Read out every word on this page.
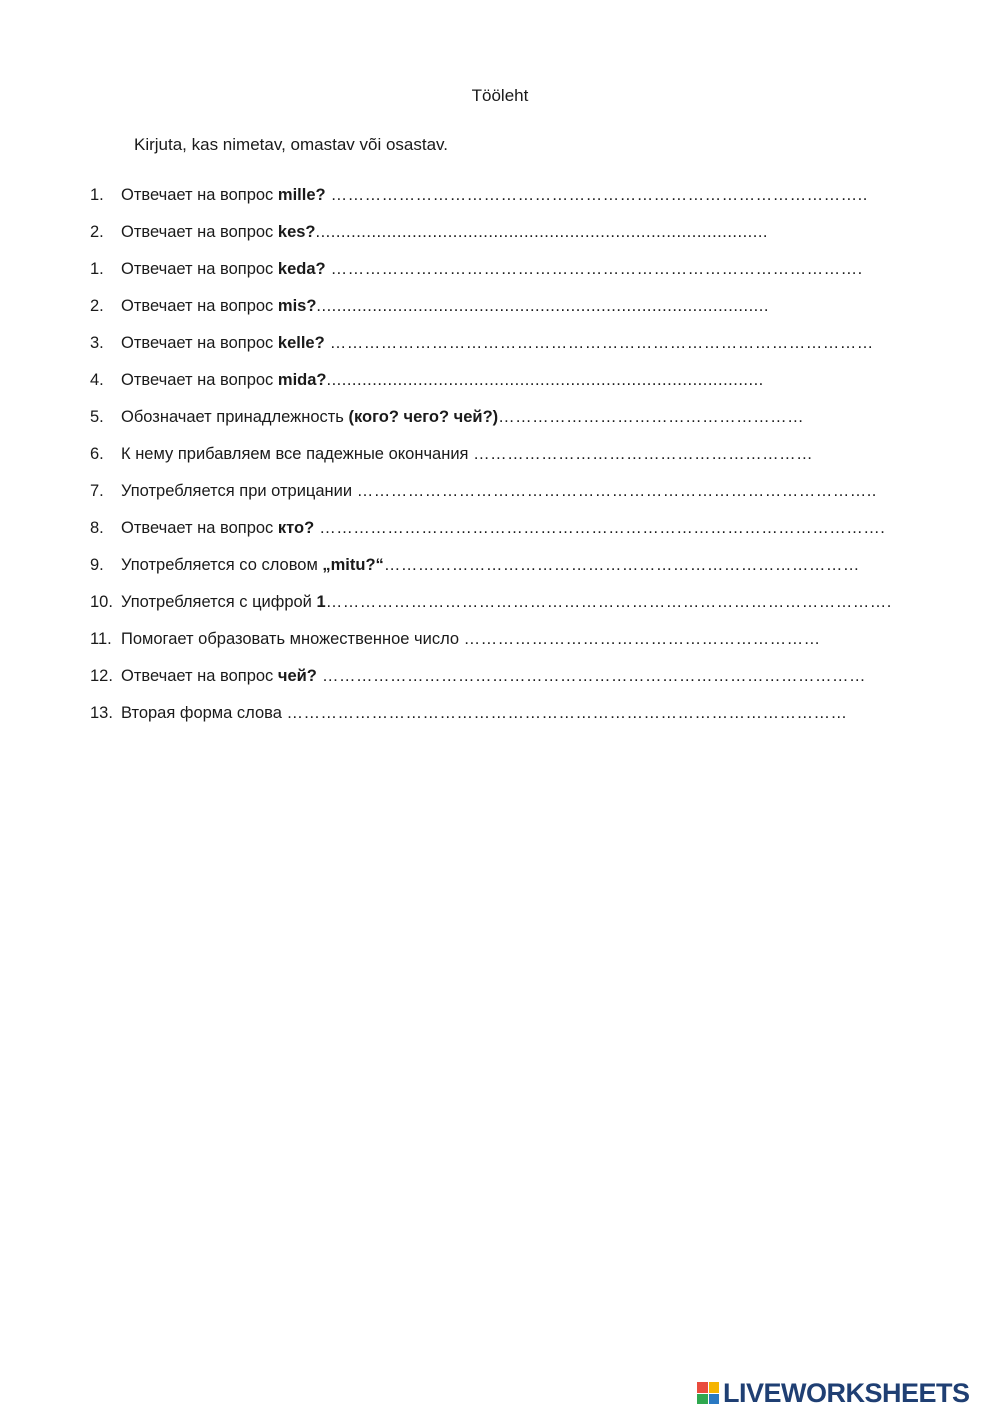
Tööleht
Kirjuta, kas nimetav, omastav või osastav.
1. Отвечает на вопрос mille? …………………………………………………………………………………..
2. Отвечает на вопрос kes?.........................................................................................
1. Отвечает на вопрос keda? ………………………………………………………………………………….
2. Отвечает на вопрос mis?.........................................................................................
3. Отвечает на вопрос kelle? ……………………………………………………………………………………
4. Отвечает на вопрос mida?......................................................................................
5. Обозначает принадлежность (кого? чего? чей?)………………………………………………
6. К нему прибавляем все падежные окончания ……………………………………………………
7. Употребляется при отрицании ………………………………………………………………………………..
8. Отвечает на вопрос кто? ……………………………………………………………………………………….
9. Употребляется со словом „mitu?“…………………………………………………………………………
10. Употребляется с цифрой 1……………………………………………………………………………………….
11. Помогает образовать множественное число ………………………………………………………
12. Отвечает на вопрос чей? ……………………………………………………………………………………
13. Вторая форма слова ………………………………………………………………………………………
LIVEWORKSHEETS
